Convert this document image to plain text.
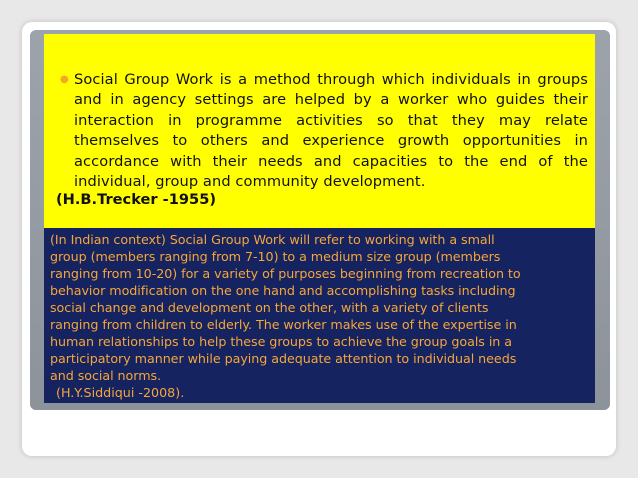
● Social Group Work is a method through which individuals in groups and in agency settings are helped by a worker who guides their interaction in programme activities so that they may relate themselves to others and experience growth opportunities in accordance with their needs and capacities to the end of the individual, group and community development.
(H.B.Trecker -1955)
(In Indian context) Social Group Work will refer to working with a small
group (members ranging from 7-10) to a medium size group (members
ranging from 10-20) for a variety of purposes beginning from recreation to
behavior modification on the one hand and accomplishing tasks including
social change and development on the other, with a variety of clients
ranging from children to elderly. The worker makes use of the expertise in
human relationships to help these groups to achieve the group goals in a
participatory manner while paying adequate attention to individual needs
and social norms.
(H.Y.Siddiqui -2008).
